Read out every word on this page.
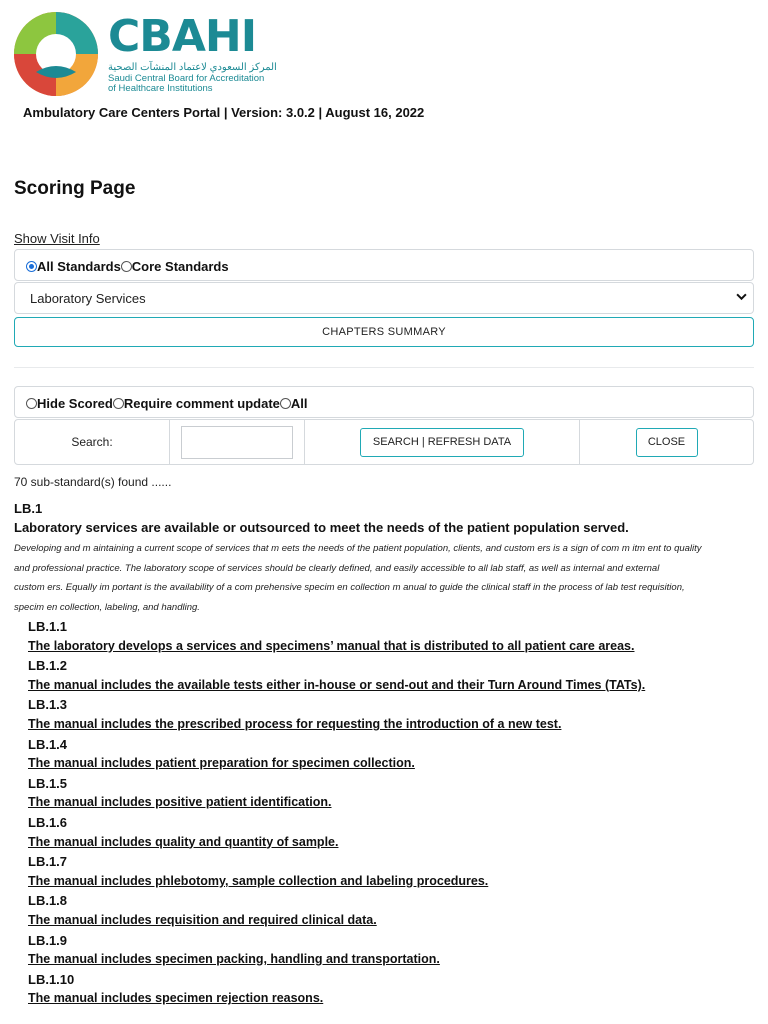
CBAHI
المركز السعودي لاعتماد المنشآت الصحية
Saudi Central Board for Accreditation
of Healthcare Institutions
Ambulatory Care Centers Portal | Version: 3.0.2 | August 16, 2022
Scoring Page
Show Visit Info
All Standards Core Standards
Laboratory Services
CHAPTERS SUMMARY
Hide Scored Require comment update All
Search:	SEARCH | REFRESH DATA	CLOSE
70 sub-standard(s) found ......
LB.1
Laboratory services are available or outsourced to meet the needs of the patient population served.
Developing and m aintaining a current scope of services that m eets the needs of the patient population, clients, and custom ers is a sign of com m itm ent to quality
and professional practice. The laboratory scope of services should be clearly defined, and easily accessible to all lab staff, as well as internal and external
custom ers. Equally im portant is the availability of a com prehensive specim en collection m anual to guide the clinical staff in the process of lab test requisition,
specim en collection, labeling, and handling.
LB.1.1
The laboratory develops a services and specimens’ manual that is distributed to all patient care areas.
LB.1.2
The manual includes the available tests either in-house or send-out and their Turn Around Times (TATs).
LB.1.3
The manual includes the prescribed process for requesting the introduction of a new test.
LB.1.4
The manual includes patient preparation for specimen collection.
LB.1.5
The manual includes positive patient identification.
LB.1.6
The manual includes quality and quantity of sample.
LB.1.7
The manual includes phlebotomy, sample collection and labeling procedures.
LB.1.8
The manual includes requisition and required clinical data.
LB.1.9
The manual includes specimen packing, handling and transportation.
LB.1.10
The manual includes specimen rejection reasons.
